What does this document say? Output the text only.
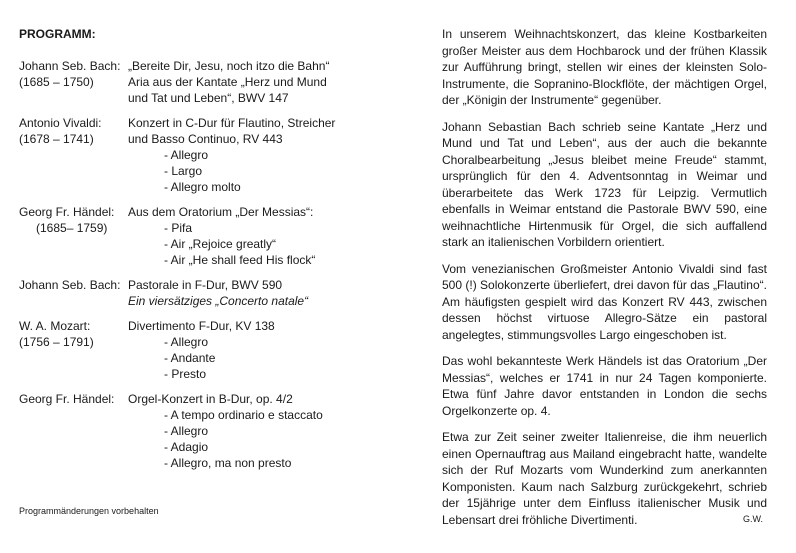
PROGRAMM:
Johann Seb. Bach:
(1685 – 1750)
„Bereite Dir, Jesu, noch itzo die Bahn“
Aria aus der Kantate „Herz und Mund
und Tat und Leben“, BWV 147
Antonio Vivaldi:
(1678 – 1741)
Konzert in C-Dur für Flautino, Streicher
und Basso Continuo, RV 443
- Allegro
- Largo
- Allegro molto
Georg Fr. Händel:
(1685– 1759)
Aus dem Oratorium „Der Messias“:
- Pifa
- Air „Rejoice greatly“
- Air „He shall feed His flock“
Johann Seb. Bach: Pastorale in F-Dur, BWV 590
Ein viersätziges „Concerto natale“
W. A. Mozart:
(1756 – 1791)
Divertimento F-Dur, KV 138
- Allegro
- Andante
- Presto
Georg Fr. Händel:	Orgel-Konzert in B-Dur, op. 4/2
- A tempo ordinario e staccato
- Allegro
- Adagio
- Allegro, ma non presto
Programmänderungen vorbehalten

In unserem Weihnachtskonzert, das kleine Kostbarkeiten großer Meister aus dem Hochbarock und der frühen Klassik zur Aufführung bringt, stellen wir eines der kleinsten Solo-Instrumente, die Sopranino-Blockflöte, der mächtigen Orgel, der „Königin der Instrumente“ gegenüber.

Johann Sebastian Bach schrieb seine Kantate „Herz und Mund und Tat und Leben“, aus der auch die bekannte Choralbearbeitung „Jesus bleibet meine Freude“ stammt, ursprünglich für den 4. Adventsonntag in Weimar und überarbeitete das Werk 1723 für Leipzig. Vermutlich ebenfalls in Weimar entstand die Pastorale BWV 590, eine weihnachtliche Hirtenmusik für Orgel, die sich auffallend stark an italienischen Vorbildern orientiert.

Vom venezianischen Großmeister Antonio Vivaldi sind fast 500 (!) Solokonzerte überliefert, drei davon für das „Flautino“. Am häufigsten gespielt wird das Konzert RV 443, zwischen dessen höchst virtuose Allegro-Sätze ein pastoral angelegtes, stimmungsvolles Largo eingeschoben ist.

Das wohl bekannteste Werk Händels ist das Oratorium „Der Messias“, welches er 1741 in nur 24 Tagen komponierte. Etwa fünf Jahre davor entstanden in London die sechs Orgelkonzerte op. 4.

Etwa zur Zeit seiner zweiter Italienreise, die ihm neuerlich einen Opernauftrag aus Mailand eingebracht hatte, wandelte sich der Ruf Mozarts vom Wunderkind zum anerkannten Komponisten. Kaum nach Salzburg zurückgekehrt, schrieb der 15jährige unter dem Einfluss italienischer Musik und Lebensart drei fröhliche Divertimenti.	G.W.
